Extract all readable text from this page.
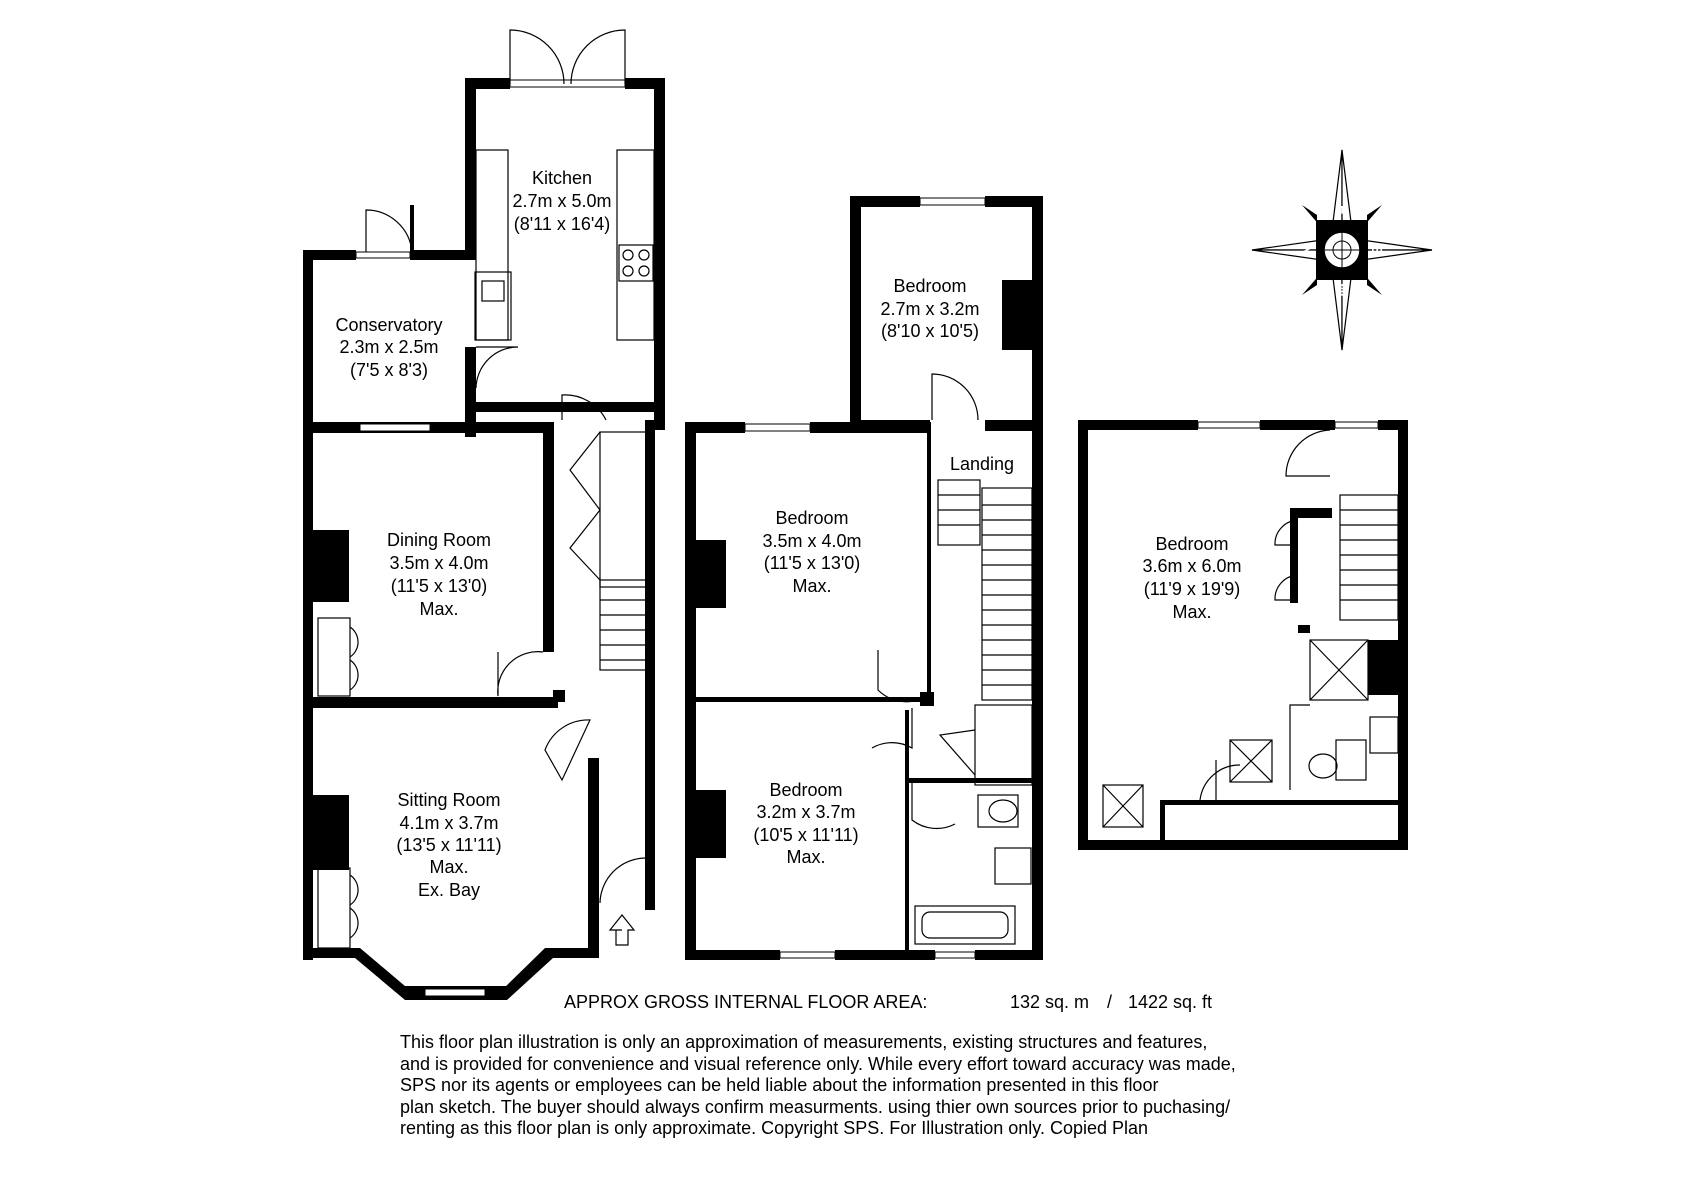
Kitchen
2.7m x 5.0m
(8'11 x 16'4)
Conservatory
2.3m x 2.5m
(7'5 x 8'3)
Dining Room
3.5m x 4.0m
(11'5 x 13'0)
Max.
Sitting Room
4.1m x 3.7m
(13'5 x 11'11)
Max.
Ex. Bay
Bedroom
2.7m x 3.2m
(8'10 x 10'5)
Landing
Bedroom
3.5m x 4.0m
(11'5 x 13'0)
Max.
Bedroom
3.2m x 3.7m
(10'5 x 11'11)
Max.
Bedroom
3.6m x 6.0m
(11'9 x 19'9)
Max.
E
N	S
W
APPROX GROSS INTERNAL FLOOR AREA:	132 sq. m / 1422 sq. ft
This floor plan illustration is only an approximation of measurements, existing structures and features,
and is provided for convenience and visual reference only. While every effort toward accuracy was made,
SPS nor its agents or employees can be held liable about the information presented in this floor
plan sketch. The buyer should always confirm measurments. using thier own sources prior to puchasing/
renting as this floor plan is only approximate. Copyright SPS. For Illustration only. Copied Plan
